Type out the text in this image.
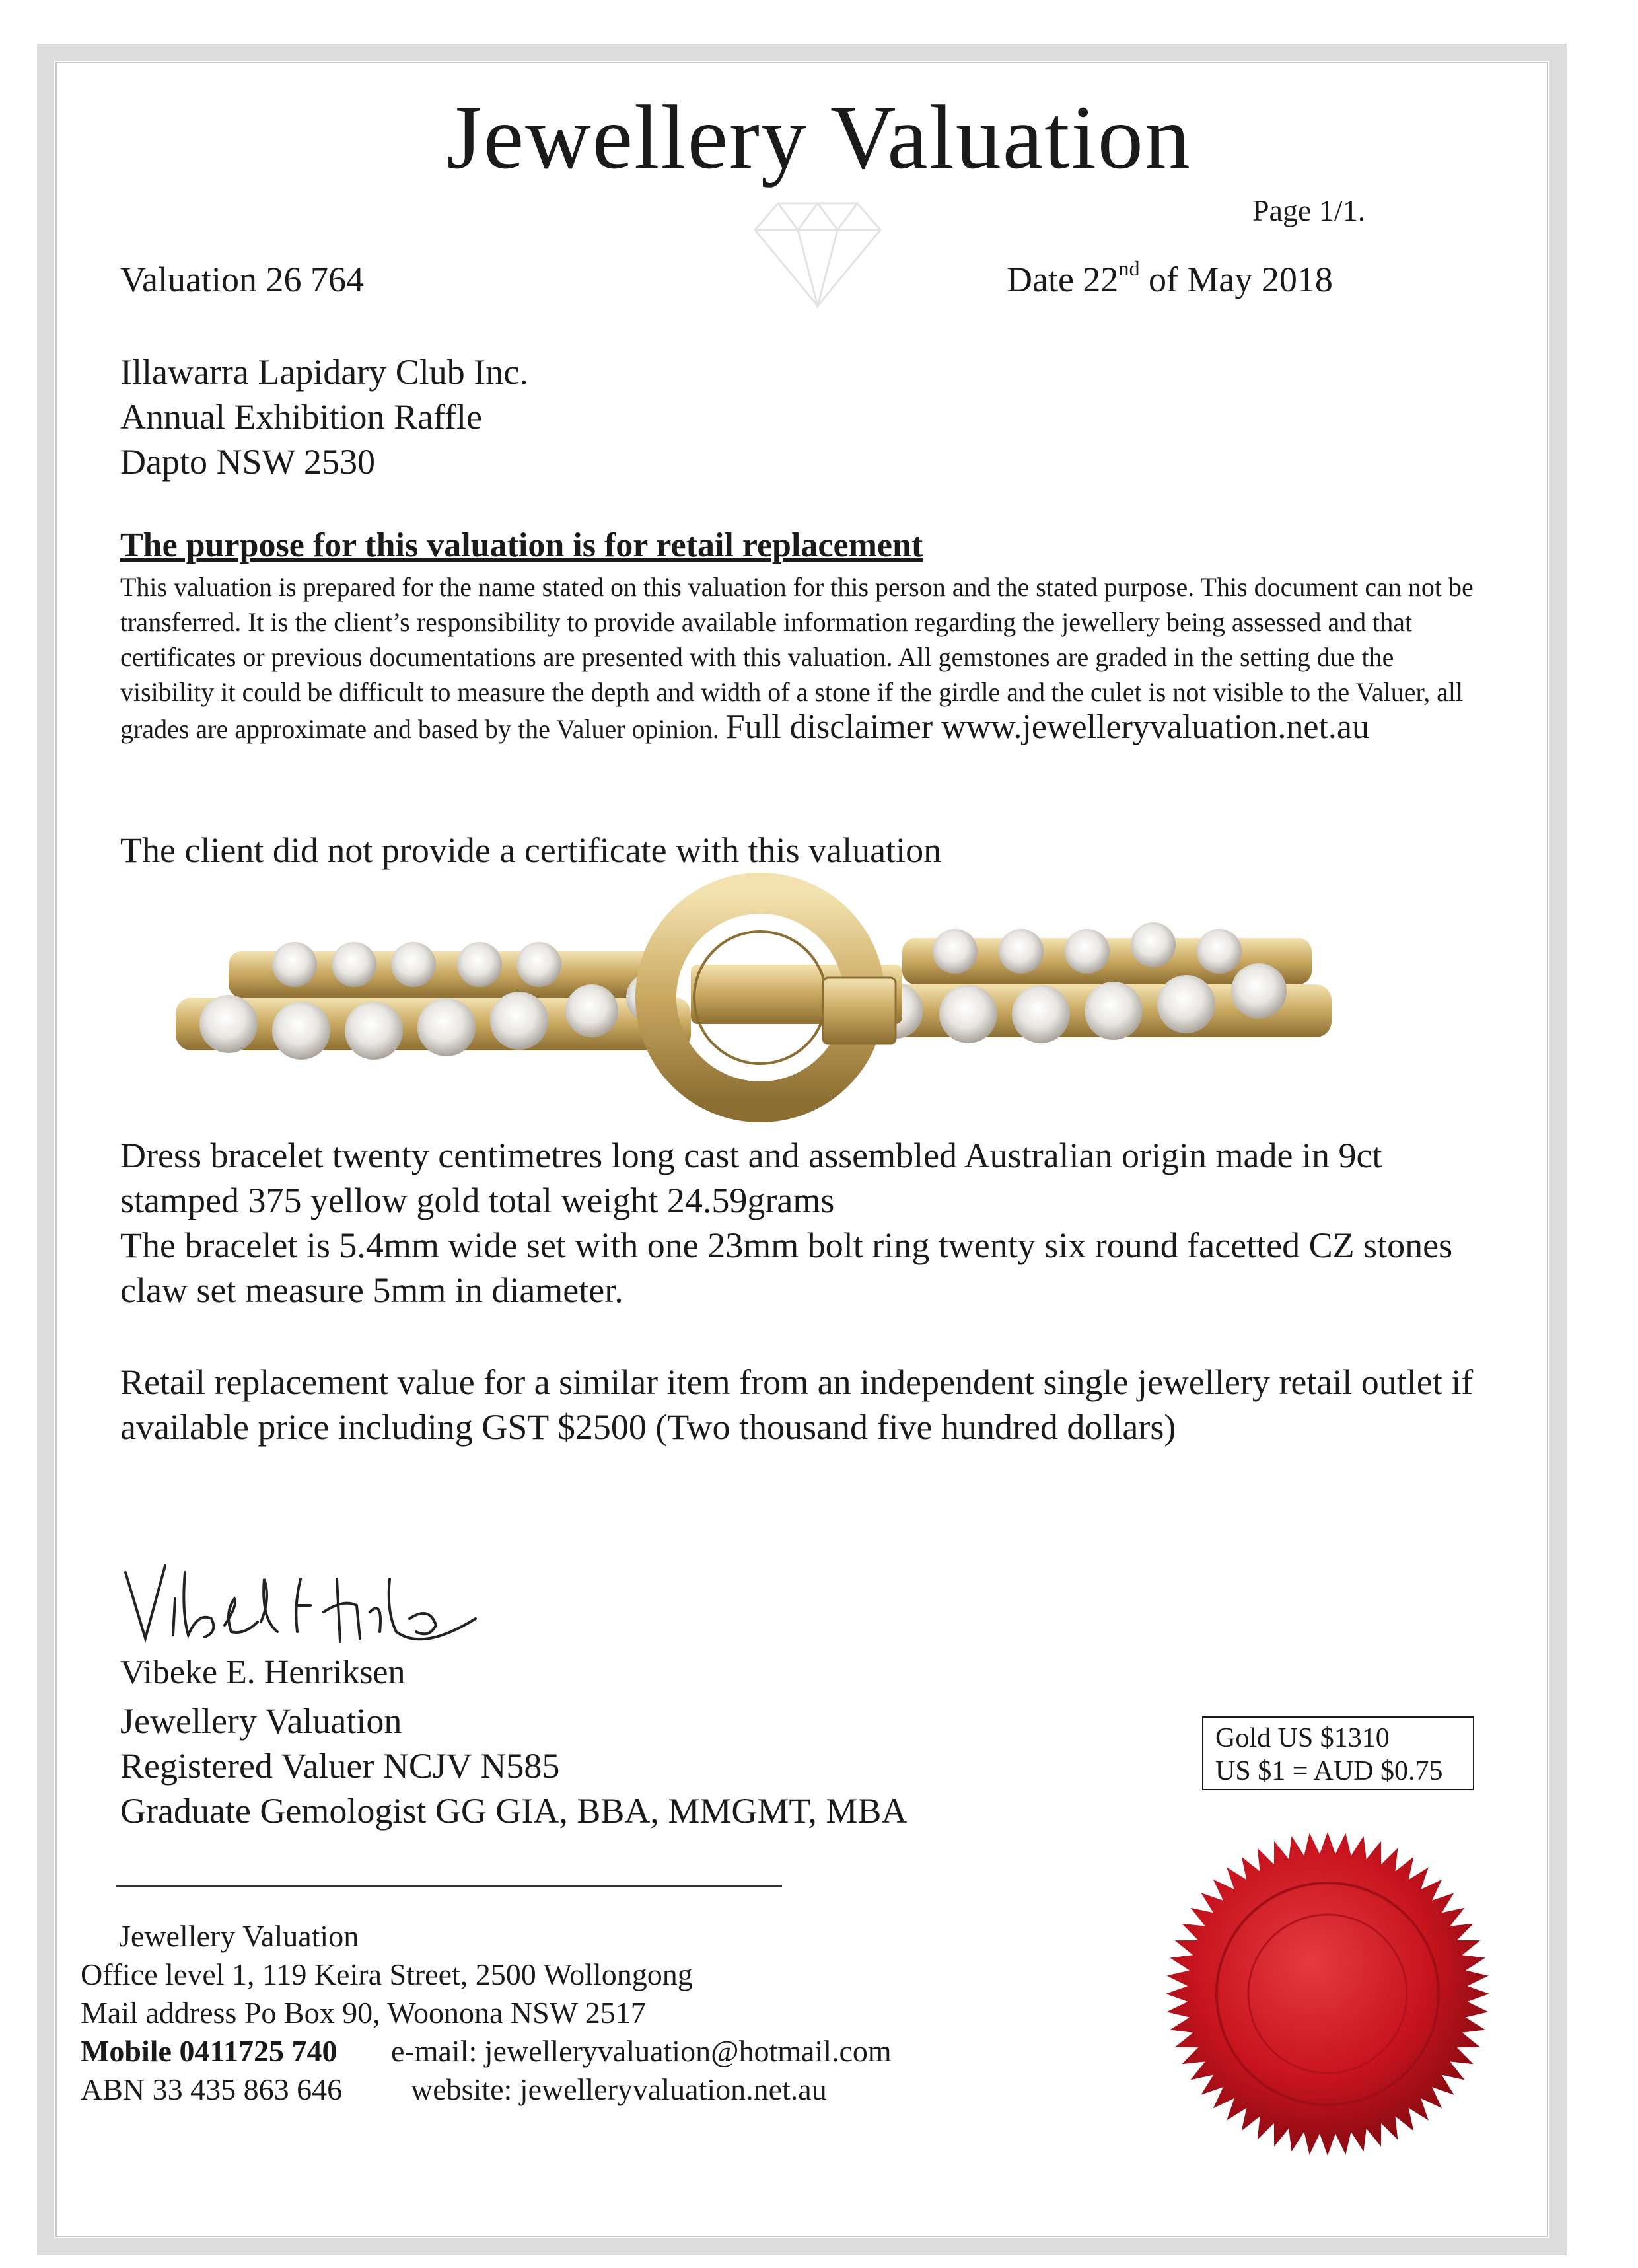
Jewellery Valuation
Page 1/1.
Valuation 26 764	Date 22nd of May 2018
Illawarra Lapidary Club Inc.
Annual Exhibition Raffle
Dapto NSW 2530
The purpose for this valuation is for retail replacement
This valuation is prepared for the name stated on this valuation for this person and the stated purpose. This document can not be transferred. It is the client’s responsibility to provide available information regarding the jewellery being assessed and that certificates or previous documentations are presented with this valuation. All gemstones are graded in the setting due the visibility it could be difficult to measure the depth and width of a stone if the girdle and the culet is not visible to the Valuer, all grades are approximate and based by the Valuer opinion. Full disclaimer www.jewelleryvaluation.net.au
The client did not provide a certificate with this valuation
Dress bracelet twenty centimetres long cast and assembled Australian origin made in 9ct stamped 375 yellow gold total weight 24.59grams
The bracelet is 5.4mm wide set with one 23mm bolt ring twenty six round facetted CZ stones claw set measure 5mm in diameter.
Retail replacement value for a similar item from an independent single jewellery retail outlet if available price including GST $2500 (Two thousand five hundred dollars)
Vibeke E. Henriksen
Jewellery Valuation
Registered Valuer NCJV N585
Graduate Gemologist GG GIA, BBA, MMGMT, MBA
Gold US $1310
US $1 = AUD $0.75
Jewellery Valuation
Office level 1, 119 Keira Street, 2500 Wollongong
Mail address Po Box 90, Woonona NSW 2517
Mobile 0411725 740 e-mail: jewelleryvaluation@hotmail.com
ABN 33 435 863 646 website: jewelleryvaluation.net.au
